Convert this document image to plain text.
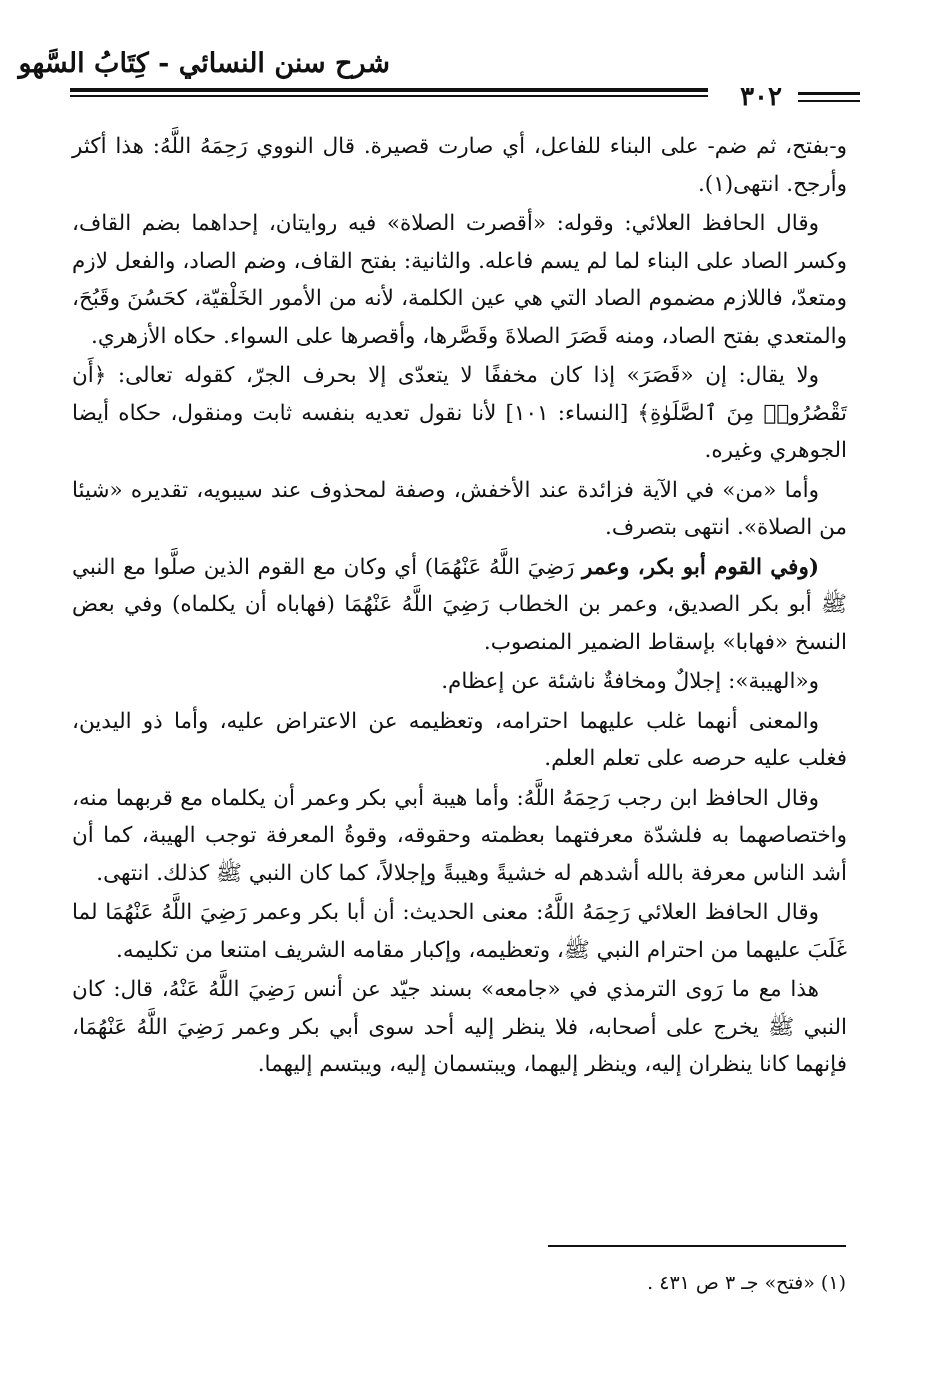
شرح سنن النسائي - كِتَابُ السَّهو
٣٠٢

و-بفتح، ثم ضم- على البناء للفاعل، أي صارت قصيرة. قال النووي رَحِمَهُ اللَّهُ: هذا أكثر وأرجح. انتهى(١).

وقال الحافظ العلائي: وقوله: «أقصرت الصلاة» فيه روايتان، إحداهما بضم القاف، وكسر الصاد على البناء لما لم يسم فاعله. والثانية: بفتح القاف، وضم الصاد، والفعل لازم ومتعدّ، فاللازم مضموم الصاد التي هي عين الكلمة، لأنه من الأمور الخَلْقيّة، كحَسُنَ وقَبُحَ، والمتعدي بفتح الصاد، ومنه قَصَرَ الصلاةَ وقَصَّرها، وأقصرها على السواء. حكاه الأزهري.

ولا يقال: إن «قَصَرَ» إذا كان مخففًا لا يتعدّى إلا بحرف الجرّ، كقوله تعالى: ﴿أَن تَقْصُرُوا۟ مِنَ ٱلصَّلَوٰةِ﴾ [النساء: ١٠١] لأنا نقول تعديه بنفسه ثابت ومنقول، حكاه أيضا الجوهري وغيره.

وأما «من» في الآية فزائدة عند الأخفش، وصفة لمحذوف عند سيبويه، تقديره «شيئا من الصلاة». انتهى بتصرف.

(وفي القوم أبو بكر، وعمر رَضِيَ اللَّهُ عَنْهُمَا) أي وكان مع القوم الذين صلَّوا مع النبي ﷺ أبو بكر الصديق، وعمر بن الخطاب رَضِيَ اللَّهُ عَنْهُمَا (فهاباه أن يكلماه) وفي بعض النسخ «فهابا» بإسقاط الضمير المنصوب.

و«الهيبة»: إجلالٌ ومخافةٌ ناشئة عن إعظام.

والمعنى أنهما غلب عليهما احترامه، وتعظيمه عن الاعتراض عليه، وأما ذو اليدين، فغلب عليه حرصه على تعلم العلم.

وقال الحافظ ابن رجب رَحِمَهُ اللَّهُ: وأما هيبة أبي بكر وعمر أن يكلماه مع قربهما منه، واختصاصهما به فلشدّة معرفتهما بعظمته وحقوقه، وقوةُ المعرفة توجب الهيبة، كما أن أشد الناس معرفة بالله أشدهم له خشيةً وهيبةً وإجلالاً، كما كان النبي ﷺ كذلك. انتهى.

وقال الحافظ العلائي رَحِمَهُ اللَّهُ: معنى الحديث: أن أبا بكر وعمر رَضِيَ اللَّهُ عَنْهُمَا لما غَلَبَ عليهما من احترام النبي ﷺ، وتعظيمه، وإكبار مقامه الشريف امتنعا من تكليمه.

هذا مع ما رَوى الترمذي في «جامعه» بسند جيّد عن أنس رَضِيَ اللَّهُ عَنْهُ، قال: كان النبي ﷺ يخرج على أصحابه، فلا ينظر إليه أحد سوى أبي بكر وعمر رَضِيَ اللَّهُ عَنْهُمَا، فإنهما كانا ينظران إليه، وينظر إليهما، ويبتسمان إليه، ويبتسم إليهما.

(١) «فتح» جـ ٣ ص ٤٣١ .
